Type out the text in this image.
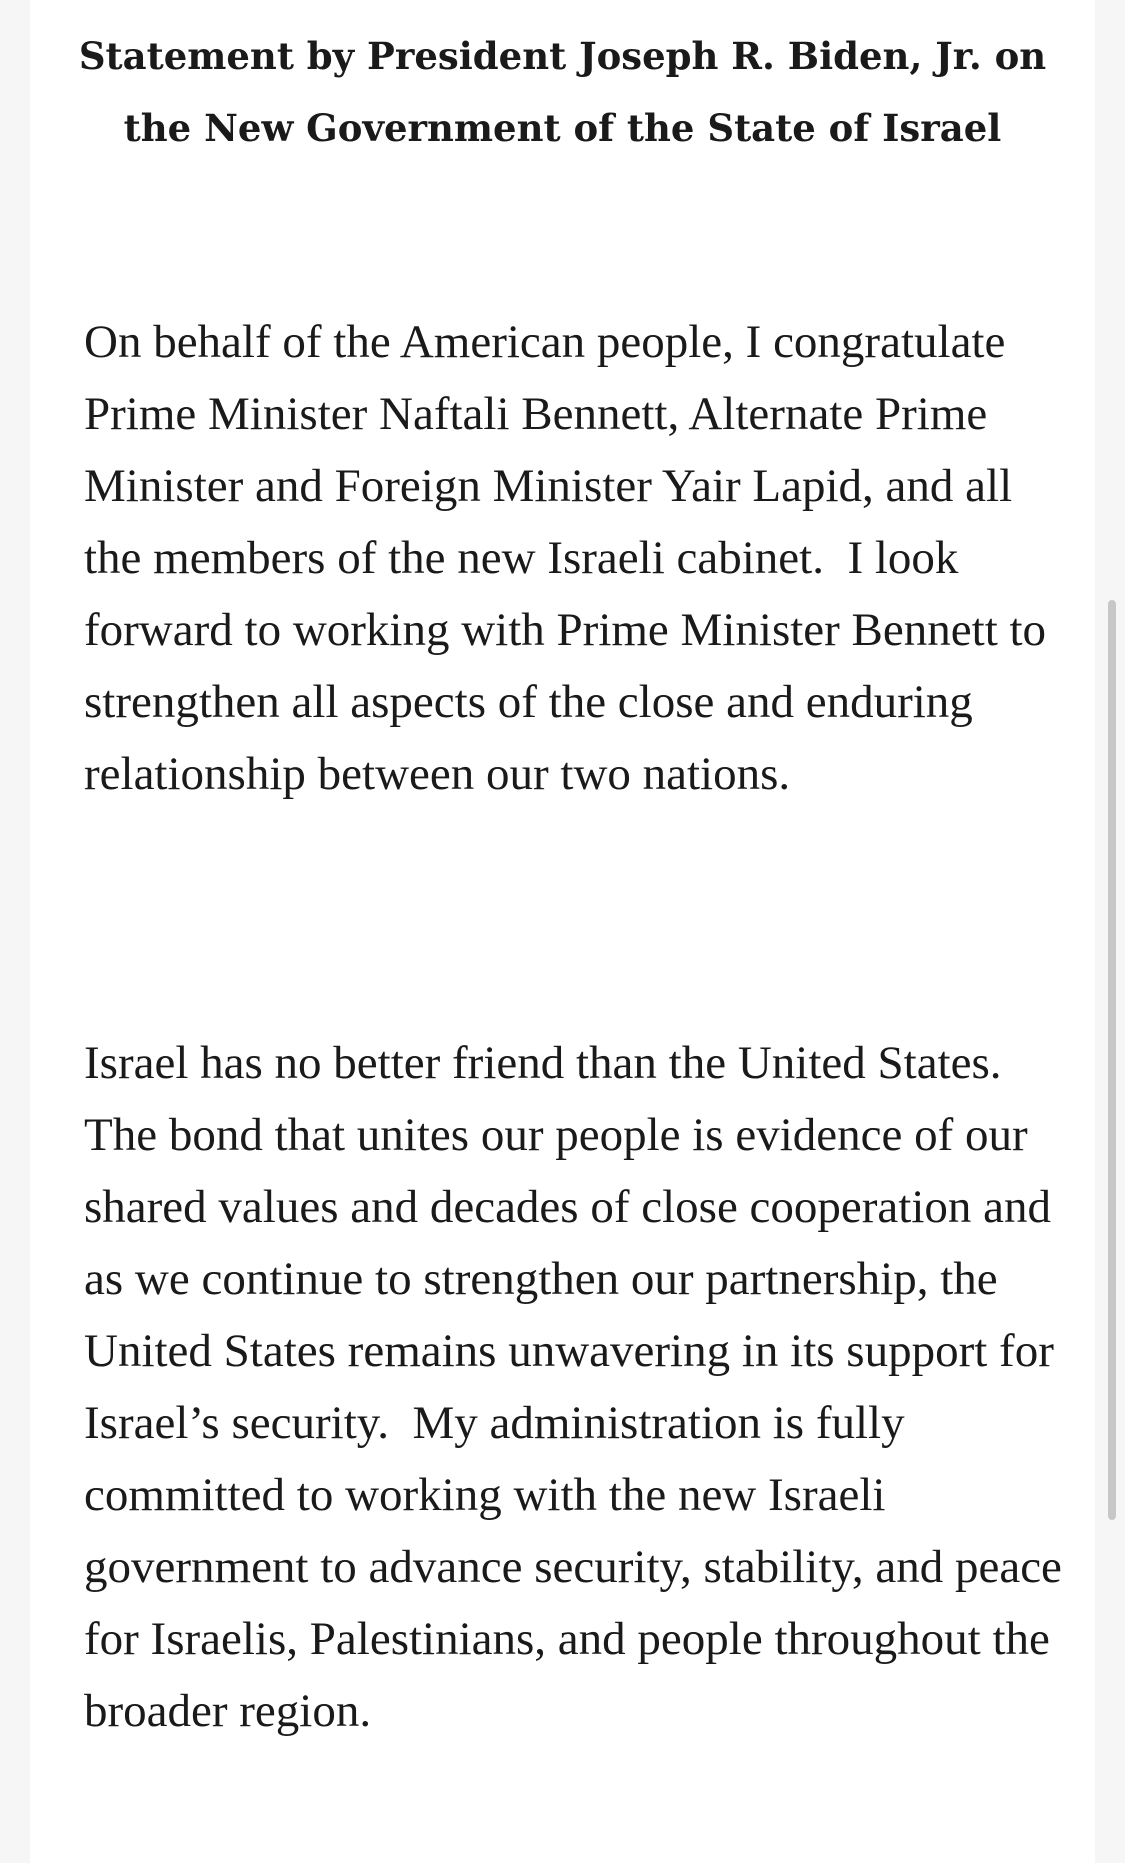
Statement by President Joseph R. Biden, Jr. on the New Government of the State of Israel

On behalf of the American people, I congratulate Prime Minister Naftali Bennett, Alternate Prime Minister and Foreign Minister Yair Lapid, and all the members of the new Israeli cabinet.  I look forward to working with Prime Minister Bennett to strengthen all aspects of the close and enduring relationship between our two nations.

Israel has no better friend than the United States.  The bond that unites our people is evidence of our shared values and decades of close cooperation and as we continue to strengthen our partnership, the United States remains unwavering in its support for Israel’s security.  My administration is fully committed to working with the new Israeli government to advance security, stability, and peace for Israelis, Palestinians, and people throughout the broader region.
